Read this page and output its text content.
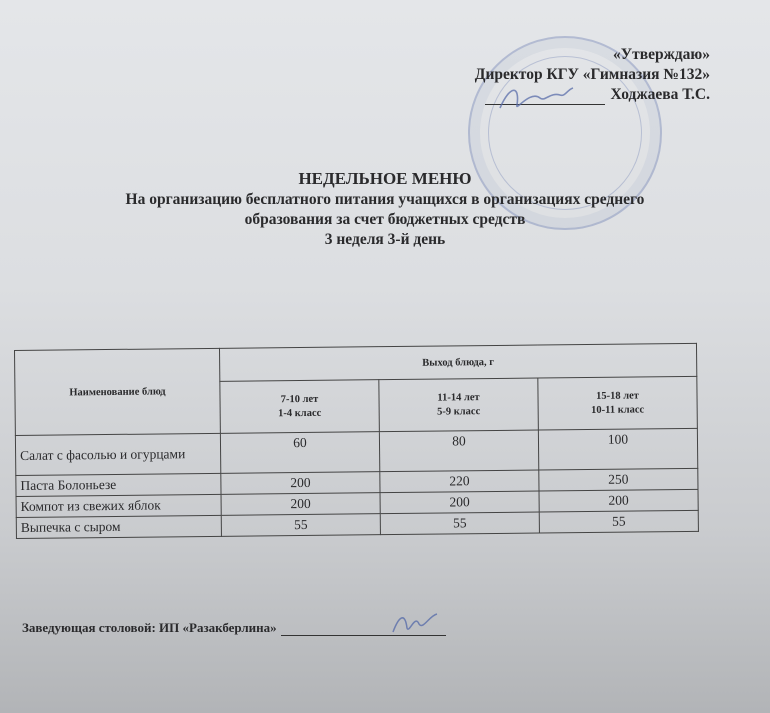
«Утверждаю»
Директор КГУ «Гимназия №132»
Ходжаева Т.С.
НЕДЕЛЬНОЕ МЕНЮ
На организацию бесплатного питания учащихся в организациях среднего
образования за счет бюджетных средств
3 неделя 3-й день
Наименование блюд	Выход блюда, г		

7-10 лет
1-4 класс

11-14 лет
5-9 класс

15-18 лет
10-11 класс

Салат с фасолью и огурцами	60	80	100
Паста Болоньезе	200	220	250
Компот из свежих яблок	200	200	200
Выпечка с сыром	55	55	55
Заведующая столовой: ИП «Разакберлина»
